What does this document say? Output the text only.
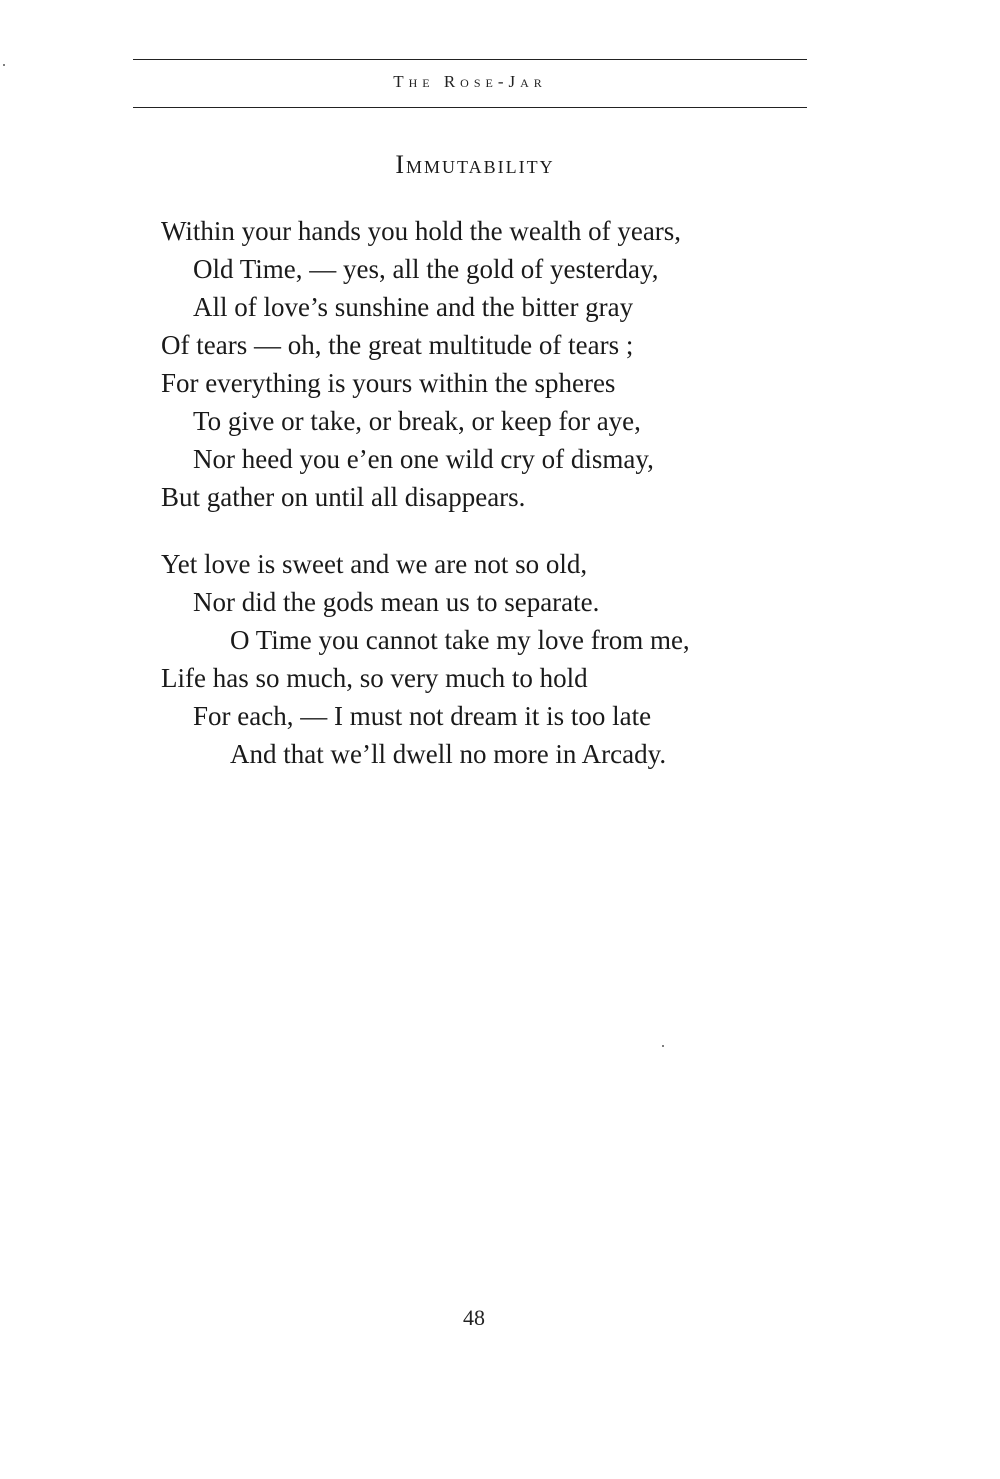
The Rose-Jar
Immutability
Within your hands you hold the wealth of years,
Old Time, — yes, all the gold of yesterday,
All of love’s sunshine and the bitter gray
Of tears — oh, the great multitude of tears ;
For everything is yours within the spheres
To give or take, or break, or keep for aye,
Nor heed you e’en one wild cry of dismay,
But gather on until all disappears.
Yet love is sweet and we are not so old,
Nor did the gods mean us to separate.
O Time you cannot take my love from me,
Life has so much, so very much to hold
For each, — I must not dream it is too late
And that we’ll dwell no more in Arcady.
48
